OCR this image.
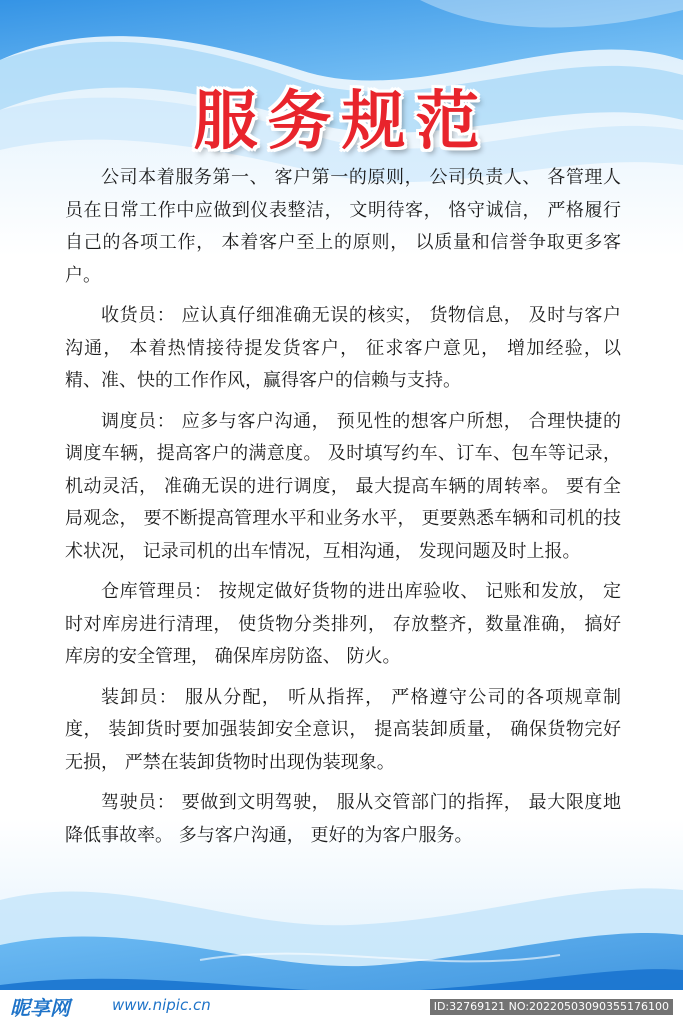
服务规范

公司本着服务第一、 客户第一的原则， 公司负责人、 各管理人员在日常工作中应做到仪表整洁， 文明待客， 恪守诚信， 严格履行自己的各项工作， 本着客户至上的原则， 以质量和信誉争取更多客户。

收货员： 应认真仔细准确无误的核实， 货物信息， 及时与客户沟通， 本着热情接待提发货客户， 征求客户意见， 增加经验，以精、准、快的工作作风，赢得客户的信赖与支持。

调度员： 应多与客户沟通， 预见性的想客户所想， 合理快捷的调度车辆，提高客户的满意度。 及时填写约车、订车、包车等记录， 机动灵活， 准确无误的进行调度， 最大提高车辆的周转率。 要有全局观念， 要不断提高管理水平和业务水平， 更要熟悉车辆和司机的技术状况， 记录司机的出车情况，互相沟通， 发现问题及时上报。

仓库管理员： 按规定做好货物的进出库验收、 记账和发放， 定时对库房进行清理， 使货物分类排列， 存放整齐，数量准确， 搞好库房的安全管理， 确保库房防盗、 防火。

装卸员： 服从分配， 听从指挥， 严格遵守公司的各项规章制度， 装卸货时要加强装卸安全意识， 提高装卸质量， 确保货物完好无损， 严禁在装卸货物时出现伪装现象。

驾驶员： 要做到文明驾驶， 服从交管部门的指挥， 最大限度地降低事故率。 多与客户沟通， 更好的为客户服务。

昵享网	www.nipic.cn	ID:32769121 NO:20220503090355176100
